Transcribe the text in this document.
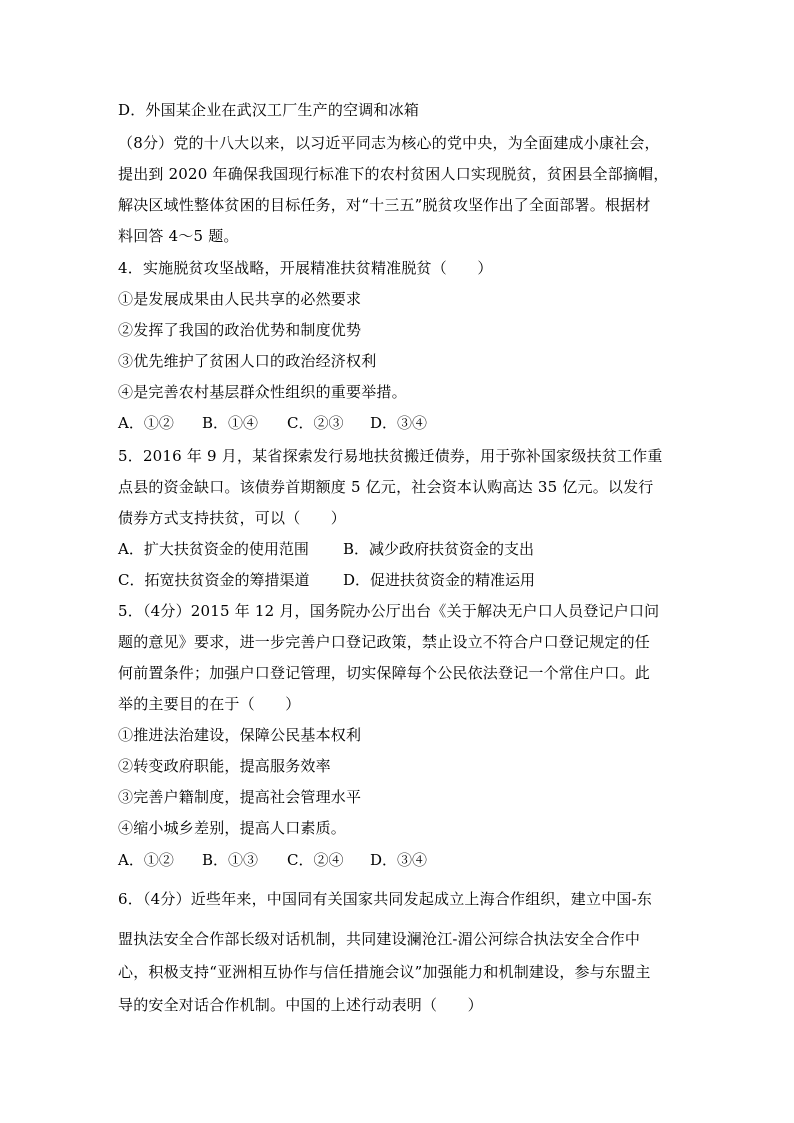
D．外国某企业在武汉工厂生产的空调和冰箱
（8分）党的十八大以来，以习近平同志为核心的党中央，为全面建成小康社会，
提出到 2020 年确保我国现行标准下的农村贫困人口实现脱贫，贫困县全部摘帽，
解决区域性整体贫困的目标任务，对“十三五”脱贫攻坚作出了全面部署。根据材
料回答 4～5 题。
4．实施脱贫攻坚战略，开展精准扶贫精准脱贫（　　）
①是发展成果由人民共享的必然要求
②发挥了我国的政治优势和制度优势
③优先维护了贫困人口的政治经济权利
④是完善农村基层群众性组织的重要举措。
A．①②	B．①④	C．②③	D．③④
5．2016 年 9 月，某省探索发行易地扶贫搬迁债券，用于弥补国家级扶贫工作重
点县的资金缺口。该债券首期额度 5 亿元，社会资本认购高达 35 亿元。以发行
债券方式支持扶贫，可以（　　）
A．扩大扶贫资金的使用范围	B．减少政府扶贫资金的支出
C．拓宽扶贫资金的筹措渠道	D．促进扶贫资金的精准运用
5．（4分）2015 年 12 月，国务院办公厅出台《关于解决无户口人员登记户口问
题的意见》要求，进一步完善户口登记政策，禁止设立不符合户口登记规定的任
何前置条件；加强户口登记管理，切实保障每个公民依法登记一个常住户口。此
举的主要目的在于（　　）
①推进法治建设，保障公民基本权利
②转变政府职能，提高服务效率
③完善户籍制度，提高社会管理水平
④缩小城乡差别，提高人口素质。
A．①②	B．①③	C．②④	D．③④
6．（4分）近些年来，中国同有关国家共同发起成立上海合作组织，建立中国-东
盟执法安全合作部长级对话机制，共同建设澜沧江-湄公河综合执法安全合作中
心，积极支持“亚洲相互协作与信任措施会议”加强能力和机制建设，参与东盟主
导的安全对话合作机制。中国的上述行动表明（　　）
